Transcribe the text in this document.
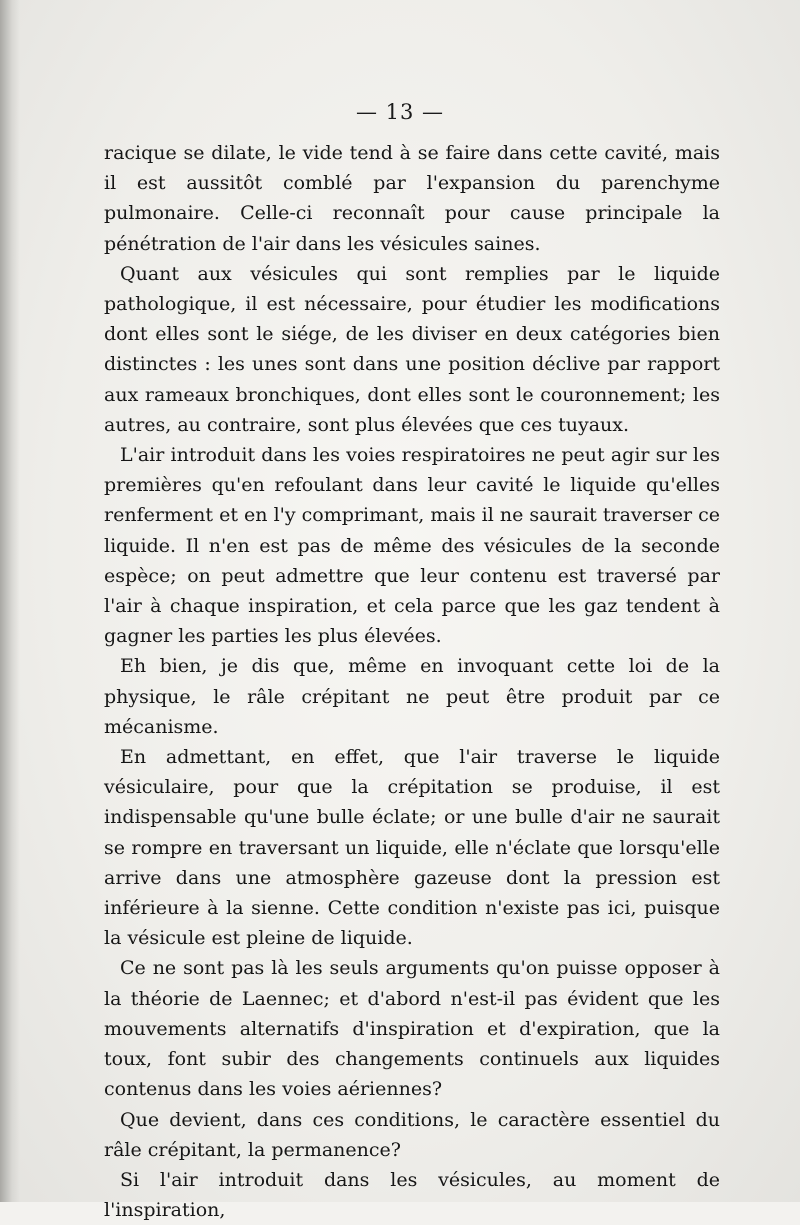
— 13 —

racique se dilate, le vide tend à se faire dans cette cavité, mais il est aussitôt comblé par l'expansion du parenchyme pulmonaire. Celle-ci reconnaît pour cause principale la pénétration de l'air dans les vésicules saines.

Quant aux vésicules qui sont remplies par le liquide pathologique, il est nécessaire, pour étudier les modifications dont elles sont le siége, de les diviser en deux catégories bien distinctes : les unes sont dans une position déclive par rapport aux rameaux bronchiques, dont elles sont le couronnement; les autres, au contraire, sont plus élevées que ces tuyaux.

L'air introduit dans les voies respiratoires ne peut agir sur les premières qu'en refoulant dans leur cavité le liquide qu'elles renferment et en l'y comprimant, mais il ne saurait traverser ce liquide. Il n'en est pas de même des vésicules de la seconde espèce; on peut admettre que leur contenu est traversé par l'air à chaque inspiration, et cela parce que les gaz tendent à gagner les parties les plus élevées.

Eh bien, je dis que, même en invoquant cette loi de la physique, le râle crépitant ne peut être produit par ce mécanisme.

En admettant, en effet, que l'air traverse le liquide vésiculaire, pour que la crépitation se produise, il est indispensable qu'une bulle éclate; or une bulle d'air ne saurait se rompre en traversant un liquide, elle n'éclate que lorsqu'elle arrive dans une atmosphère gazeuse dont la pression est inférieure à la sienne. Cette condition n'existe pas ici, puisque la vésicule est pleine de liquide.

Ce ne sont pas là les seuls arguments qu'on puisse opposer à la théorie de Laennec; et d'abord n'est-il pas évident que les mouvements alternatifs d'inspiration et d'expiration, que la toux, font subir des changements continuels aux liquides contenus dans les voies aériennes?

Que devient, dans ces conditions, le caractère essentiel du râle crépitant, la permanence?

Si l'air introduit dans les vésicules, au moment de l'inspiration,
